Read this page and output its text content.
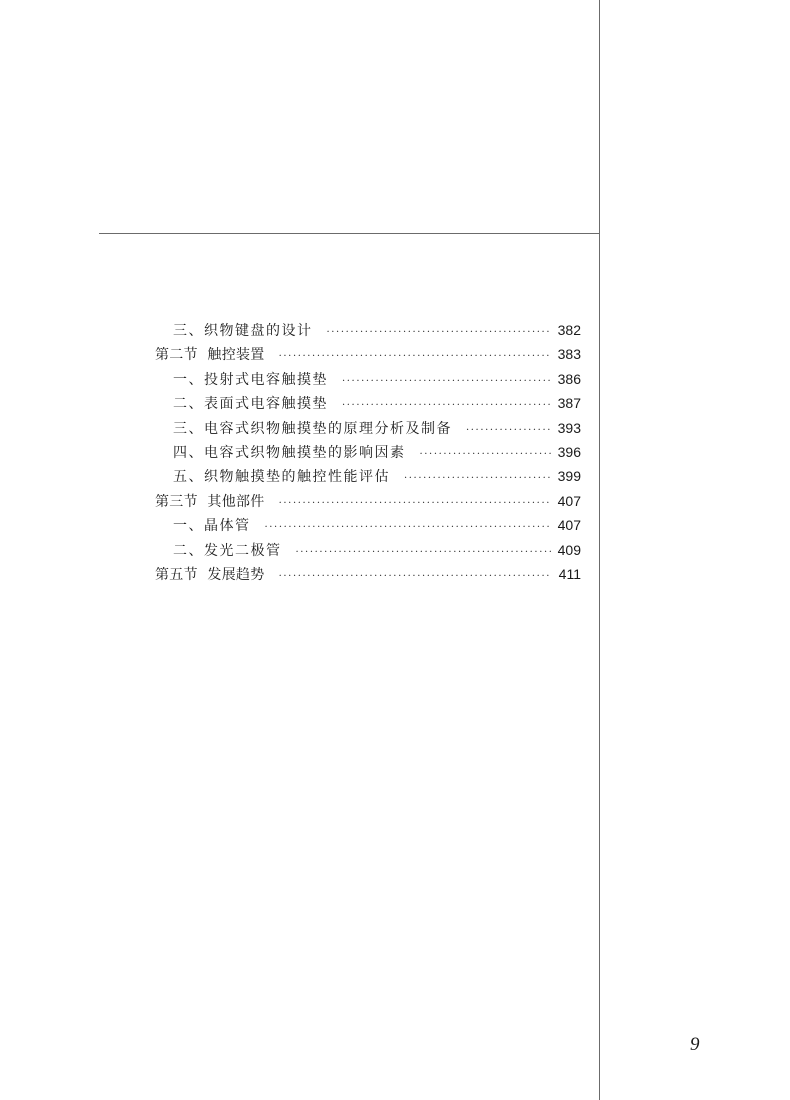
三、织物键盘的设计 ·····	382
第二节  触控装置 ·····	383
一、投射式电容触摸垫 ·····	386
二、表面式电容触摸垫 ·····	387
三、电容式织物触摸垫的原理分析及制备 ·····	393
四、电容式织物触摸垫的影响因素 ·····	396
五、织物触摸垫的触控性能评估 ·····	399
第三节  其他部件 ·····	407
一、晶体管 ·····	407
二、发光二极管 ·····	409
第五节  发展趋势 ·····	411
9
